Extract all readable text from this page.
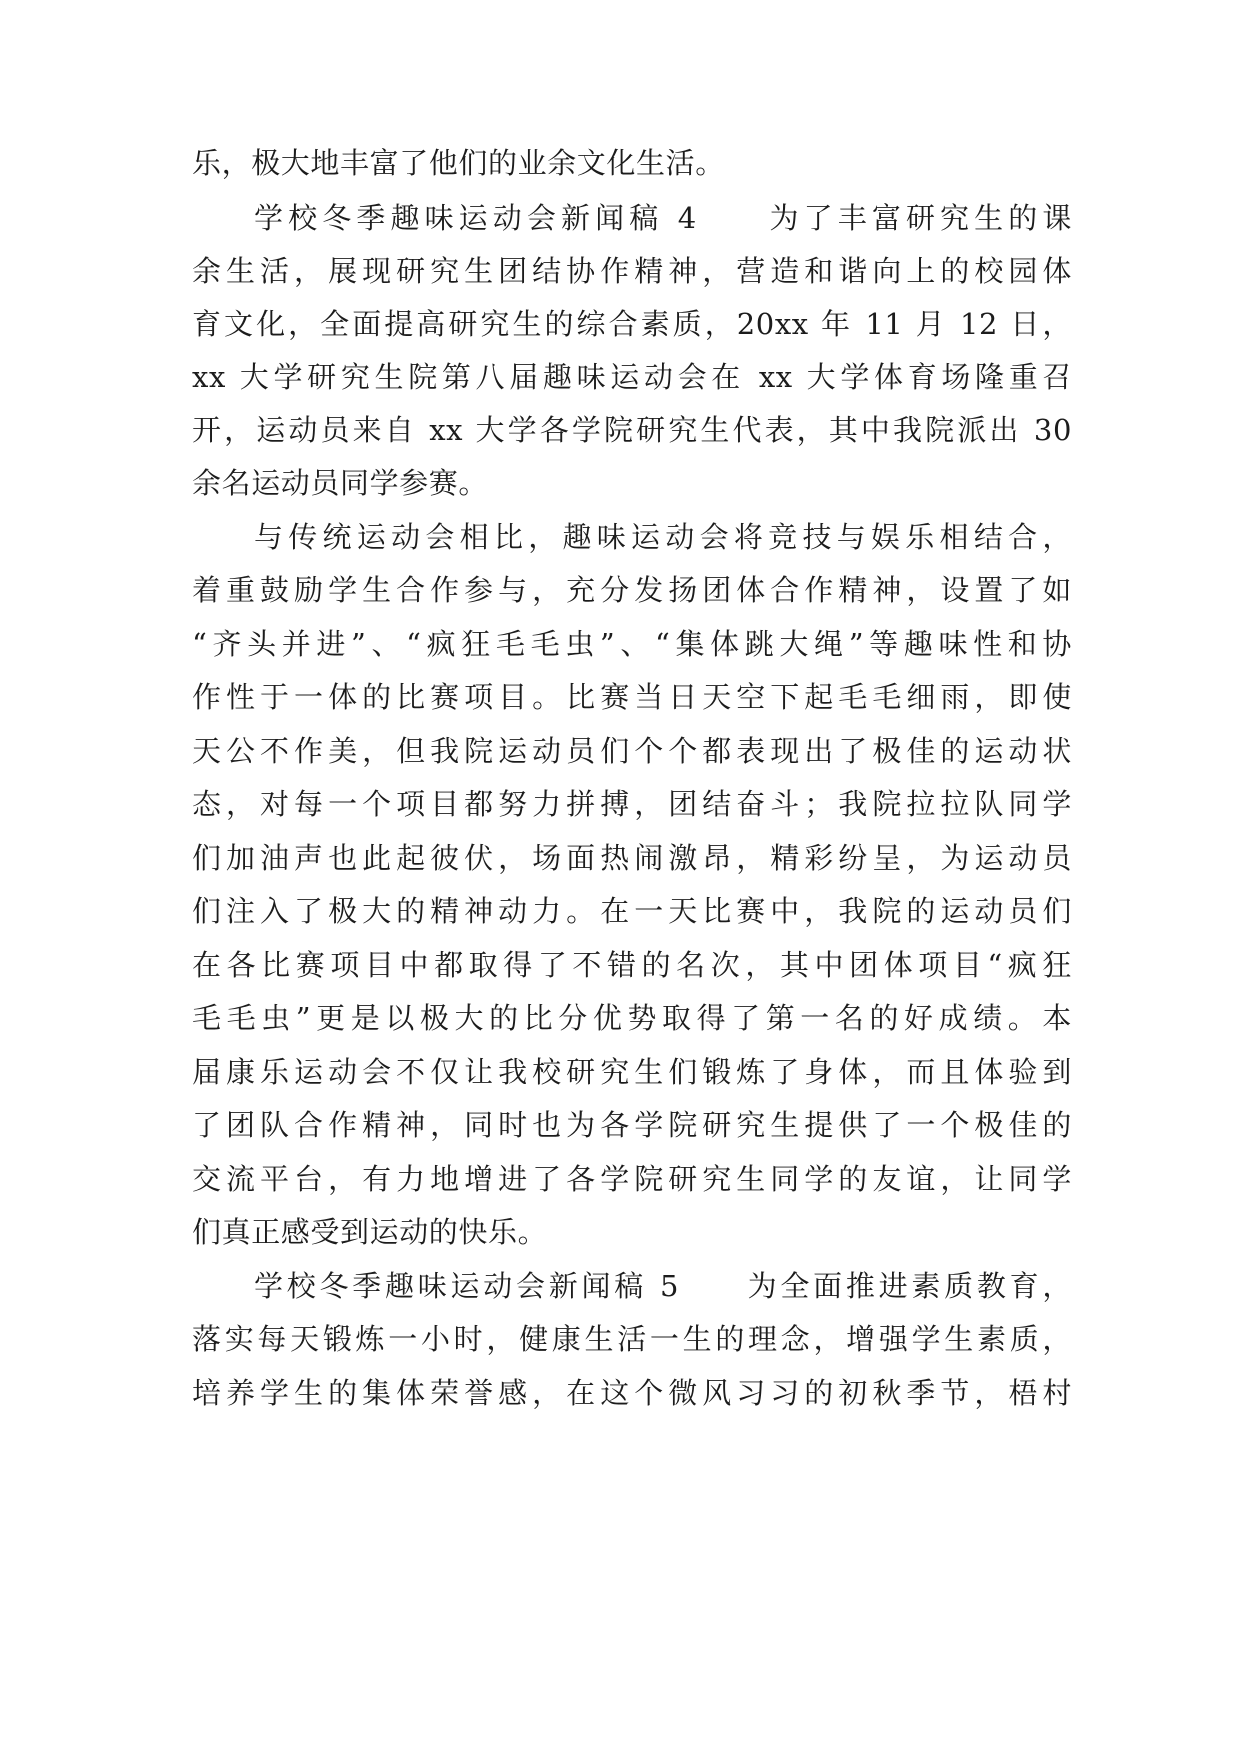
乐，极大地丰富了他们的业余文化生活。

学校冬季趣味运动会新闻稿 4　　为了丰富研究生的课

余生活，展现研究生团结协作精神，营造和谐向上的校园体

育文化，全面提高研究生的综合素质，20xx 年 11 月 12 日，

xx 大学研究生院第八届趣味运动会在 xx 大学体育场隆重召

开，运动员来自 xx 大学各学院研究生代表，其中我院派出 30

余名运动员同学参赛。

与传统运动会相比，趣味运动会将竞技与娱乐相结合，

着重鼓励学生合作参与，充分发扬团体合作精神，设置了如

“齐头并进”、“疯狂毛毛虫”、“集体跳大绳”等趣味性和协

作性于一体的比赛项目。比赛当日天空下起毛毛细雨，即使

天公不作美，但我院运动员们个个都表现出了极佳的运动状

态，对每一个项目都努力拼搏，团结奋斗；我院拉拉队同学

们加油声也此起彼伏，场面热闹激昂，精彩纷呈，为运动员

们注入了极大的精神动力。在一天比赛中，我院的运动员们

在各比赛项目中都取得了不错的名次，其中团体项目“疯狂

毛毛虫”更是以极大的比分优势取得了第一名的好成绩。本

届康乐运动会不仅让我校研究生们锻炼了身体，而且体验到

了团队合作精神，同时也为各学院研究生提供了一个极佳的

交流平台，有力地增进了各学院研究生同学的友谊，让同学

们真正感受到运动的快乐。

学校冬季趣味运动会新闻稿 5　　为全面推进素质教育，

落实每天锻炼一小时，健康生活一生的理念，增强学生素质，

培养学生的集体荣誉感，在这个微风习习的初秋季节，梧村
